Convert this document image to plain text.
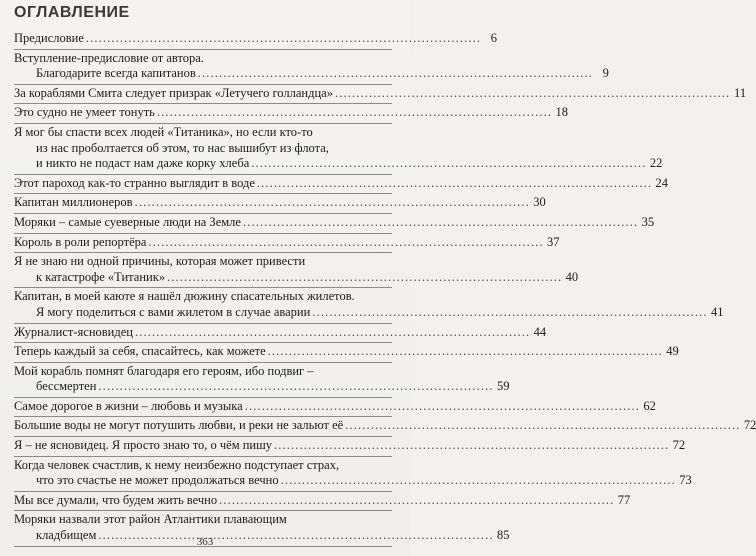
ОГЛАВЛЕНИЕ
Предисловие . . .	6
Вступление-предисловие от автора.
Благодарите всегда капитанов . . .	9
За кораблями Смита следует призрак «Летучего голландца» . . .	11
Это судно не умеет тонуть . . .	18
Я мог бы спасти всех людей «Титаника», но если кто-то
из нас проболтается об этом, то нас вышибут из флота,
и никто не подаст нам даже корку хлеба . . .	22
Этот пароход как-то странно выглядит в воде . . .	24
Капитан миллионеров . . .	30
Моряки – самые суеверные люди на Земле . . .	35
Король в роли репортёра . . .	37
Я не знаю ни одной причины, которая может привести
к катастрофе «Титаник» . . .	40
Капитан, в моей каюте я нашёл дюжину спасательных жилетов.
Я могу поделиться с вами жилетом в случае аварии . . .	41
Журналист-ясновидец . . .	44
Теперь каждый за себя, спасайтесь, как можете . . .	49
Мой корабль помнят благодаря его героям, ибо подвиг –
бессмертен . . .	59
Самое дорогое в жизни – любовь и музыка . . .	62
Большие воды не могут потушить любви, и реки не зальют её . . .	72
Я – не ясновидец. Я просто знаю то, о чём пишу . . .	72
Когда человек счастлив, к нему неизбежно подступает страх,
что это счастье не может продолжаться вечно . . .	73
Мы все думали, что будем жить вечно . . .	77
Моряки назвали этот район Атлантики плавающим
кладбищем . . .	85
363
